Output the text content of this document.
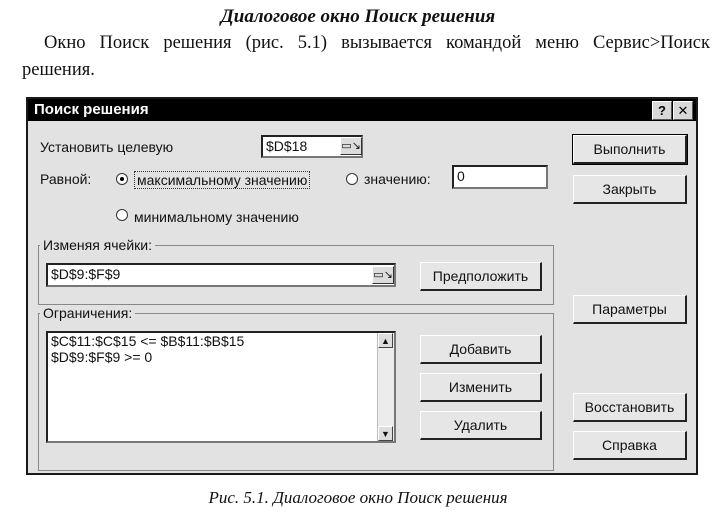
Диалоговое окно Поиск решения
Окно Поиск решения (рис. 5.1) вызывается командой меню Сервис>Поиск решения.
Поиск решения	? ✕
Установить целевую	$D$18	▭↘
Равной:	максимальному значению	значению:	0
минимальному значению
Изменяя ячейки:
$D$9:$F$9	▭↘	Предположить
Ограничения:
$C$11:$C$15 <= $B$11:$B$15
$D$9:$F$9 >= 0
▲
▼
Добавить
Изменить
Удалить
Выполнить
Закрыть
Параметры
Восстановить
Справка
Рис. 5.1. Диалоговое окно Поиск решения
